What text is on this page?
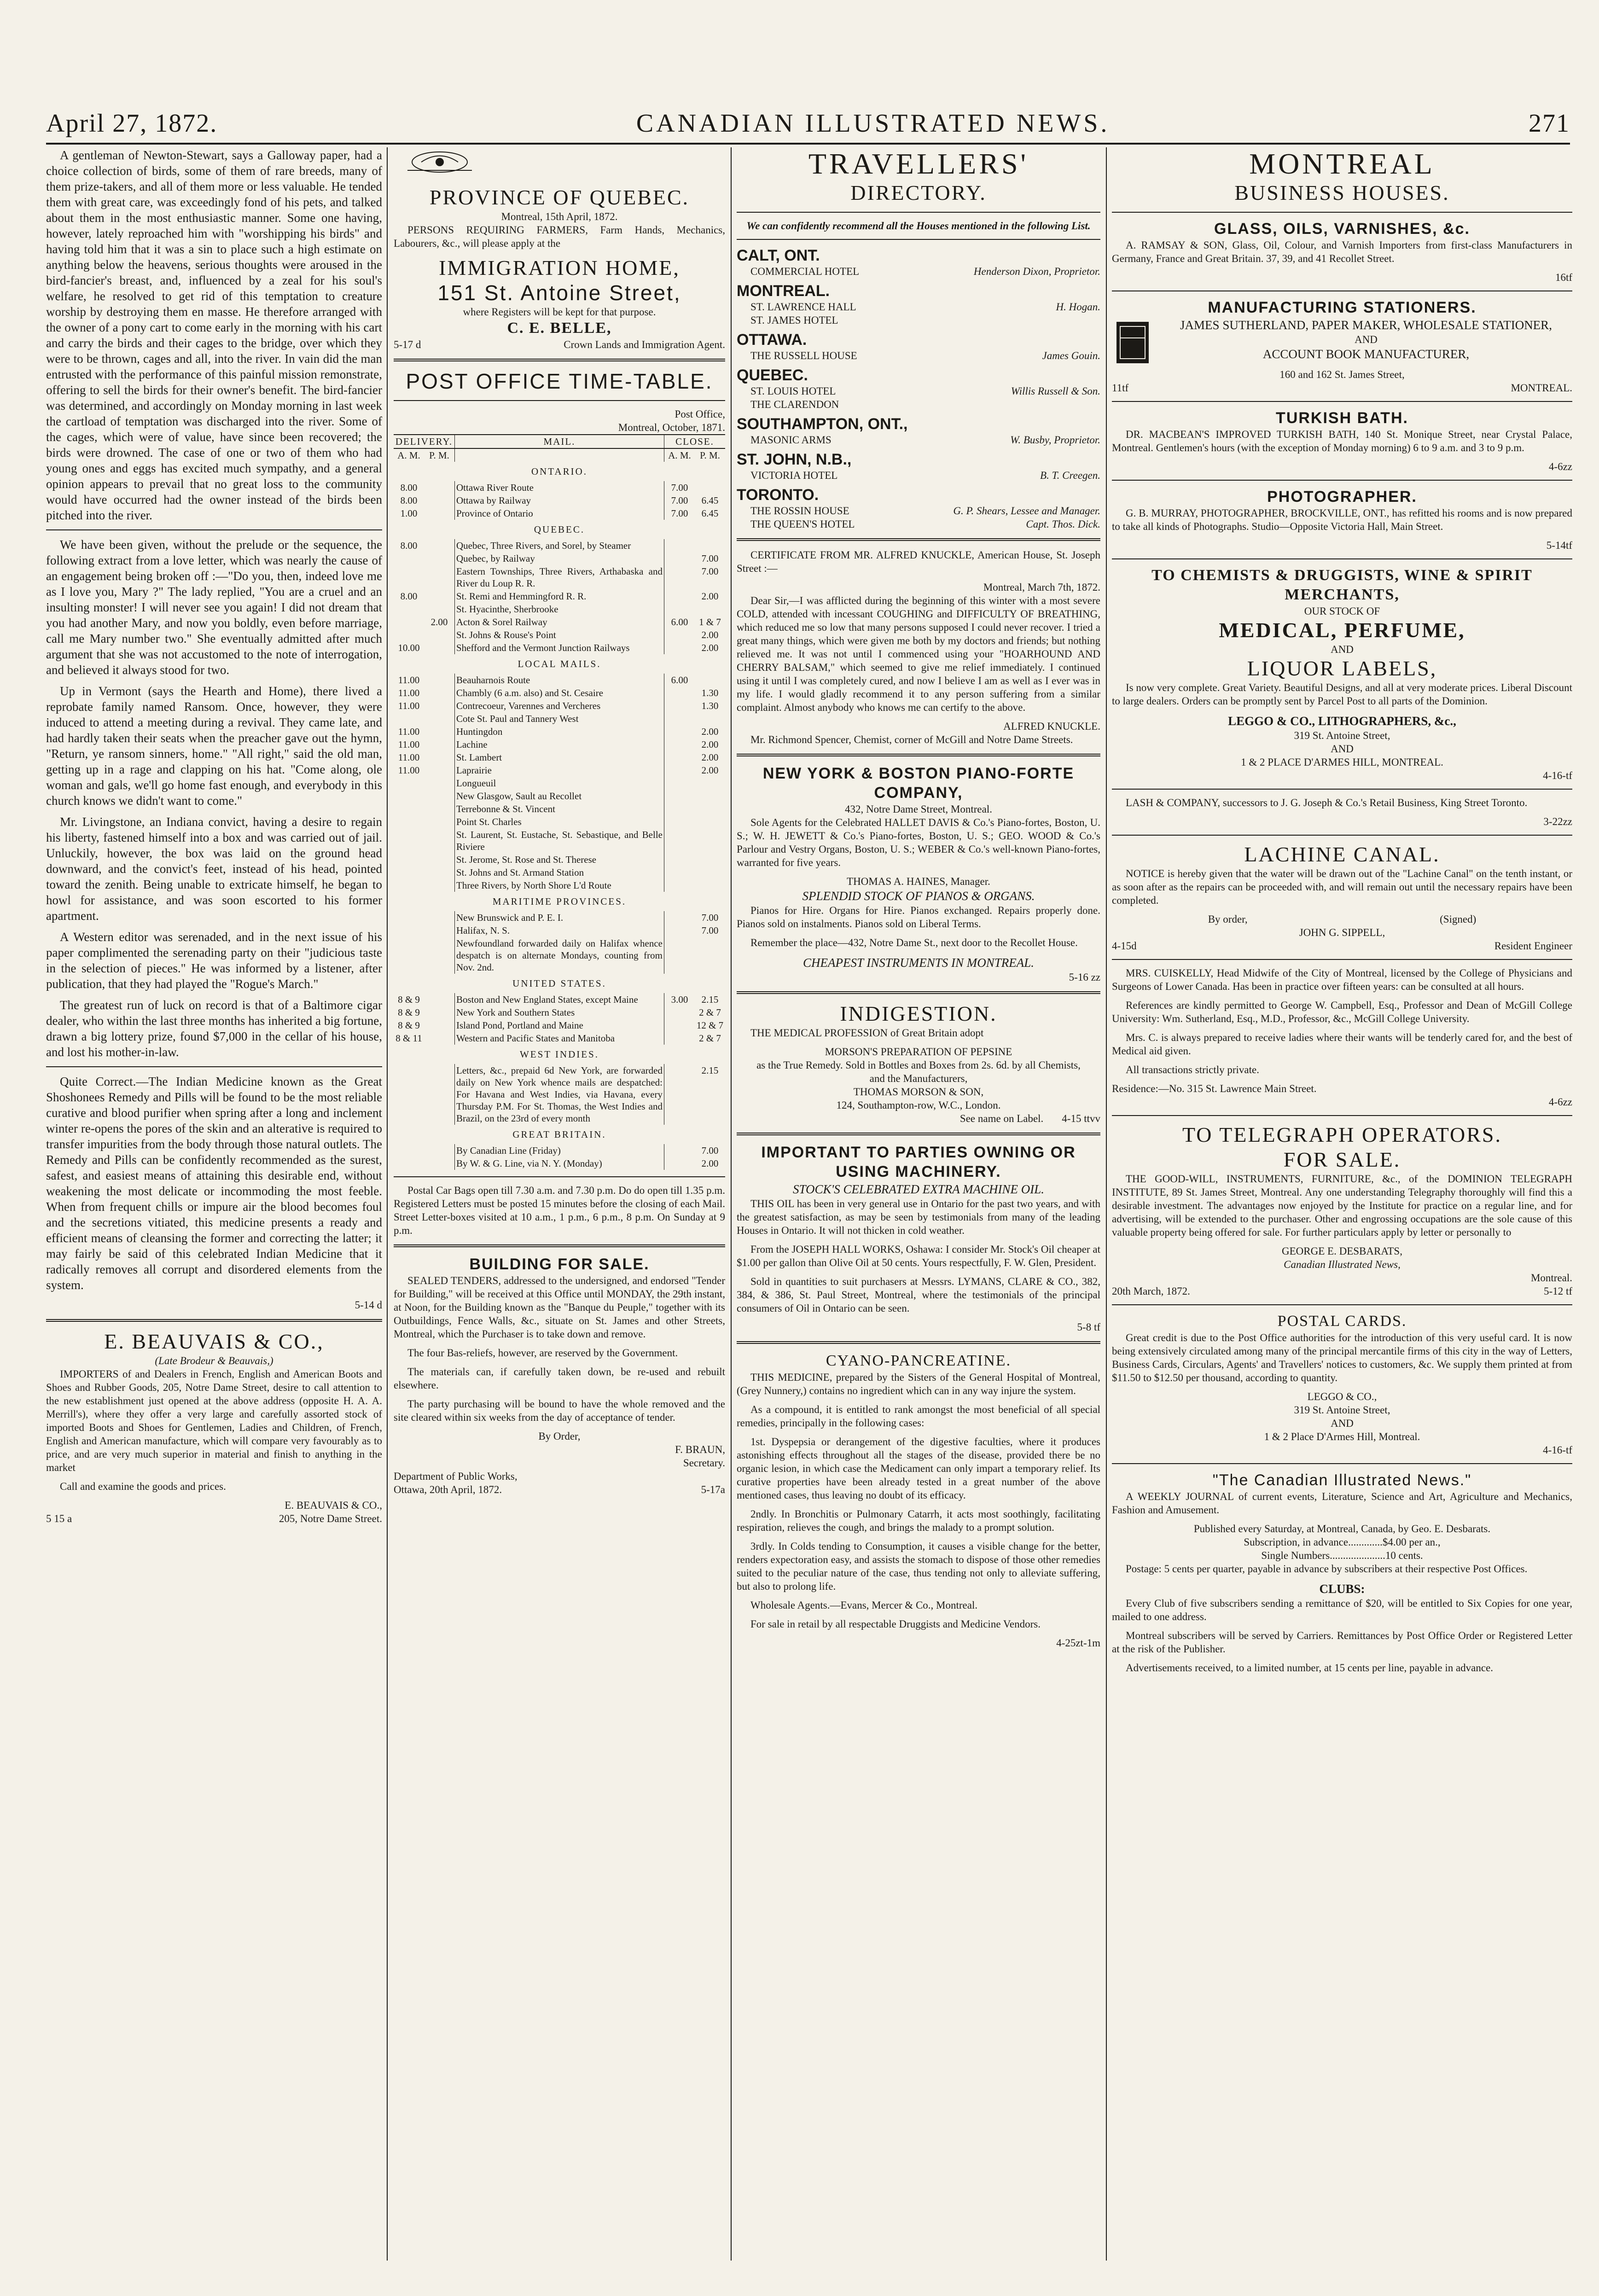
April 27, 1872.	CANADIAN ILLUSTRATED NEWS.	271

A gentleman of Newton-Stewart, says a Galloway paper, had a choice collection of birds, some of them of rare breeds, many of them prize-takers, and all of them more or less valuable. He tended them with great care, was exceedingly fond of his pets, and talked about them in the most enthusiastic manner. Some one having, however, lately reproached him with "worshipping his birds" and having told him that it was a sin to place such a high estimate on anything below the heavens, serious thoughts were aroused in the bird-fancier's breast, and, influenced by a zeal for his soul's welfare, he resolved to get rid of this temptation to creature worship by destroying them en masse. He therefore arranged with the owner of a pony cart to come early in the morning with his cart and carry the birds and their cages to the bridge, over which they were to be thrown, cages and all, into the river. In vain did the man entrusted with the performance of this painful mission remonstrate, offering to sell the birds for their owner's benefit. The bird-fancier was determined, and accordingly on Monday morning in last week the cartload of temptation was discharged into the river. Some of the cages, which were of value, have since been recovered; the birds were drowned. The case of one or two of them who had young ones and eggs has excited much sympathy, and a general opinion appears to prevail that no great loss to the community would have occurred had the owner instead of the birds been pitched into the river.

We have been given, without the prelude or the sequence, the following extract from a love letter, which was nearly the cause of an engagement being broken off :—"Do you, then, indeed love me as I love you, Mary ?" The lady replied, "You are a cruel and an insulting monster! I will never see you again! I did not dream that you had another Mary, and now you boldly, even before marriage, call me Mary number two." She eventually admitted after much argument that she was not accustomed to the note of interrogation, and believed it always stood for two.

Up in Vermont (says the Hearth and Home), there lived a reprobate family named Ransom. Once, however, they were induced to attend a meeting during a revival. They came late, and had hardly taken their seats when the preacher gave out the hymn, "Return, ye ransom sinners, home." "All right," said the old man, getting up in a rage and clapping on his hat. "Come along, ole woman and gals, we'll go home fast enough, and everybody in this church knows we didn't want to come."

Mr. Livingstone, an Indiana convict, having a desire to regain his liberty, fastened himself into a box and was carried out of jail. Unluckily, however, the box was laid on the ground head downward, and the convict's feet, instead of his head, pointed toward the zenith. Being unable to extricate himself, he began to howl for assistance, and was soon escorted to his former apartment.

A Western editor was serenaded, and in the next issue of his paper complimented the serenading party on their "judicious taste in the selection of pieces." He was informed by a listener, after publication, that they had played the "Rogue's March."

The greatest run of luck on record is that of a Baltimore cigar dealer, who within the last three months has inherited a big fortune, drawn a big lottery prize, found $7,000 in the cellar of his house, and lost his mother-in-law.

Quite Correct.—The Indian Medicine known as the Great Shoshonees Remedy and Pills will be found to be the most reliable curative and blood purifier when spring after a long and inclement winter re-opens the pores of the skin and an alterative is required to transfer impurities from the body through those natural outlets. The Remedy and Pills can be confidently recommended as the surest, safest, and easiest means of attaining this desirable end, without weakening the most delicate or incommoding the most feeble. When from frequent chills or impure air the blood becomes foul and the secretions vitiated, this medicine presents a ready and efficient means of cleansing the former and correcting the latter; it may fairly be said of this celebrated Indian Medicine that it radically removes all corrupt and disordered elements from the system.

5-14 d
E. BEAUVAIS & CO.,
(Late Brodeur & Beauvais,)

IMPORTERS of and Dealers in French, English and American Boots and Shoes and Rubber Goods, 205, Notre Dame Street, desire to call attention to the new establishment just opened at the above address (opposite H. A. A. Merrill's), where they offer a very large and carefully assorted stock of imported Boots and Shoes for Gentlemen, Ladies and Children, of French, English and American manufacture, which will compare very favourably as to price, and are very much superior in material and finish to anything in the market

Call and examine the goods and prices.

E. BEAUVAIS & CO.,
5 15 a	205, Notre Dame Street.
PROVINCE OF QUEBEC.
Montreal, 15th April, 1872.

PERSONS REQUIRING FARMERS, Farm Hands, Mechanics, Labourers, &c., will please apply at the

IMMIGRATION HOME,
151 St. Antoine Street,
where Registers will be kept for that purpose.
C. E. BELLE,
5-17 d	Crown Lands and Immigration Agent.
POST OFFICE TIME-TABLE.
Post Office,
Montreal, October, 1871.
DELIVERY.		MAIL.	CLOSE.	
A. M.	P. M.		A. M.	P. M.
ONTARIO.				
8.00		Ottawa River Route	7.00	
8.00		Ottawa by Railway	7.00	6.45
1.00		Province of Ontario	7.00	6.45
QUEBEC.				
8.00		Quebec, Three Rivers, and Sorel, by Steamer		
		Quebec, by Railway		7.00
		Eastern Townships, Three Rivers, Arthabaska and River du Loup R. R.		7.00
8.00		St. Remi and Hemmingford R. R.		2.00
		St. Hyacinthe, Sherbrooke		
	2.00	Acton & Sorel Railway	6.00	1 & 7
		St. Johns & Rouse's Point		2.00
10.00		Shefford and the Vermont Junction Railways		2.00
LOCAL MAILS.				
11.00		Beauharnois Route	6.00	
11.00		Chambly (6 a.m. also) and St. Cesaire		1.30
11.00		Contrecoeur, Varennes and Vercheres		1.30
		Cote St. Paul and Tannery West		
11.00		Huntingdon		2.00
11.00		Lachine		2.00
11.00		St. Lambert		2.00
11.00		Laprairie		2.00
		Longueuil		
		New Glasgow, Sault au Recollet		
		Terrebonne & St. Vincent		
		Point St. Charles		
		St. Laurent, St. Eustache, St. Sebastique, and Belle Riviere		
		St. Jerome, St. Rose and St. Therese		
		St. Johns and St. Armand Station		
		Three Rivers, by North Shore L'd Route		
MARITIME PROVINCES.				
		New Brunswick and P. E. I.		7.00
		Halifax, N. S.		7.00
		Newfoundland forwarded daily on Halifax whence despatch is on alternate Mondays, counting from Nov. 2nd.		
UNITED STATES.				
8 & 9		Boston and New England States, except Maine	3.00	2.15
8 & 9		New York and Southern States		2 & 7
8 & 9		Island Pond, Portland and Maine		12 & 7
8 & 11		Western and Pacific States and Manitoba		2 & 7
WEST INDIES.				
		Letters, &c., prepaid 6d New York, are forwarded daily on New York whence mails are despatched: For Havana and West Indies, via Havana, every Thursday P.M. For St. Thomas, the West Indies and Brazil, on the 23rd of every month		2.15
GREAT BRITAIN.				
		By Canadian Line (Friday)		7.00
		By W. & G. Line, via N. Y. (Monday)		2.00

Postal Car Bags open till 7.30 a.m. and 7.30 p.m. Do do open till 1.35 p.m. Registered Letters must be posted 15 minutes before the closing of each Mail. Street Letter-boxes visited at 10 a.m., 1 p.m., 6 p.m., 8 p.m. On Sunday at 9 p.m.

BUILDING FOR SALE.

SEALED TENDERS, addressed to the undersigned, and endorsed "Tender for Building," will be received at this Office until MONDAY, the 29th instant, at Noon, for the Building known as the "Banque du Peuple," together with its Outbuildings, Fence Walls, &c., situate on St. James and other Streets, Montreal, which the Purchaser is to take down and remove.

The four Bas-reliefs, however, are reserved by the Government.

The materials can, if carefully taken down, be re-used and rebuilt elsewhere.

The party purchasing will be bound to have the whole removed and the site cleared within six weeks from the day of acceptance of tender.

By Order,
F. BRAUN,
Secretary.
Department of Public Works,
Ottawa, 20th April, 1872.	5-17a
TRAVELLERS'
DIRECTORY.
We can confidently recommend all the Houses mentioned in the following List.
CALT, ONT.
COMMERCIAL HOTEL	Henderson Dixon, Proprietor.
MONTREAL.
ST. LAWRENCE HALL	H. Hogan.
ST. JAMES HOTEL
OTTAWA.
THE RUSSELL HOUSE	James Gouin.
QUEBEC.
ST. LOUIS HOTEL	Willis Russell & Son.
THE CLARENDON
SOUTHAMPTON, ONT.,
MASONIC ARMS	W. Busby, Proprietor.
ST. JOHN, N.B.,
VICTORIA HOTEL	B. T. Creegen.
TORONTO.
THE ROSSIN HOUSE	G. P. Shears, Lessee and Manager.
THE QUEEN'S HOTEL	Capt. Thos. Dick.

CERTIFICATE FROM MR. ALFRED KNUCKLE, American House, St. Joseph Street :—

Montreal, March 7th, 1872.

Dear Sir,—I was afflicted during the beginning of this winter with a most severe COLD, attended with incessant COUGHING and DIFFICULTY OF BREATHING, which reduced me so low that many persons supposed I could never recover. I tried a great many things, which were given me both by my doctors and friends; but nothing relieved me. It was not until I commenced using your "HOARHOUND AND CHERRY BALSAM," which seemed to give me relief immediately. I continued using it until I was completely cured, and now I believe I am as well as I ever was in my life. I would gladly recommend it to any person suffering from a similar complaint. Almost anybody who knows me can certify to the above.

ALFRED KNUCKLE.

Mr. Richmond Spencer, Chemist, corner of McGill and Notre Dame Streets.

NEW YORK & BOSTON PIANO-FORTE COMPANY,
432, Notre Dame Street, Montreal.

Sole Agents for the Celebrated HALLET DAVIS & Co.'s Piano-fortes, Boston, U. S.; W. H. JEWETT & Co.'s Piano-fortes, Boston, U. S.; GEO. WOOD & Co.'s Parlour and Vestry Organs, Boston, U. S.; WEBER & Co.'s well-known Piano-fortes, warranted for five years.

THOMAS A. HAINES, Manager.
SPLENDID STOCK OF PIANOS & ORGANS.

Pianos for Hire. Organs for Hire. Pianos exchanged. Repairs properly done. Pianos sold on instalments. Pianos sold on Liberal Terms.

Remember the place—432, Notre Dame St., next door to the Recollet House.

CHEAPEST INSTRUMENTS IN MONTREAL.
5-16 zz
INDIGESTION.

THE MEDICAL PROFESSION of Great Britain adopt

MORSON'S PREPARATION OF PEPSINE
as the True Remedy. Sold in Bottles and Boxes from 2s. 6d. by all Chemists,
and the Manufacturers,
THOMAS MORSON & SON,
124, Southampton-row, W.C., London.
See name on Label. 4-15 ttvv
IMPORTANT TO PARTIES OWNING OR USING MACHINERY.
STOCK'S CELEBRATED EXTRA MACHINE OIL.

THIS OIL has been in very general use in Ontario for the past two years, and with the greatest satisfaction, as may be seen by testimonials from many of the leading Houses in Ontario. It will not thicken in cold weather.

From the JOSEPH HALL WORKS, Oshawa: I consider Mr. Stock's Oil cheaper at $1.00 per gallon than Olive Oil at 50 cents. Yours respectfully, F. W. Glen, President.

Sold in quantities to suit purchasers at Messrs. LYMANS, CLARE & CO., 382, 384, & 386, St. Paul Street, Montreal, where the testimonials of the principal consumers of Oil in Ontario can be seen.

5-8 tf
CYANO-PANCREATINE.

THIS MEDICINE, prepared by the Sisters of the General Hospital of Montreal, (Grey Nunnery,) contains no ingredient which can in any way injure the system.

As a compound, it is entitled to rank amongst the most beneficial of all special remedies, principally in the following cases:

1st. Dyspepsia or derangement of the digestive faculties, where it produces astonishing effects throughout all the stages of the disease, provided there be no organic lesion, in which case the Medicament can only impart a temporary relief. Its curative properties have been already tested in a great number of the above mentioned cases, thus leaving no doubt of its efficacy.

2ndly. In Bronchitis or Pulmonary Catarrh, it acts most soothingly, facilitating respiration, relieves the cough, and brings the malady to a prompt solution.

3rdly. In Colds tending to Consumption, it causes a visible change for the better, renders expectoration easy, and assists the stomach to dispose of those other remedies suited to the peculiar nature of the case, thus tending not only to alleviate suffering, but also to prolong life.

Wholesale Agents.—Evans, Mercer & Co., Montreal.

For sale in retail by all respectable Druggists and Medicine Vendors.

4-25zt-1m
MONTREAL
BUSINESS HOUSES.
GLASS, OILS, VARNISHES, &c.

A. RAMSAY & SON, Glass, Oil, Colour, and Varnish Importers from first-class Manufacturers in Germany, France and Great Britain. 37, 39, and 41 Recollet Street.

16tf
MANUFACTURING STATIONERS.
JAMES SUTHERLAND, PAPER MAKER, WHOLESALE STATIONER,
AND
ACCOUNT BOOK MANUFACTURER,
160 and 162 St. James Street,
11tf	MONTREAL.
TURKISH BATH.

DR. MACBEAN'S IMPROVED TURKISH BATH, 140 St. Monique Street, near Crystal Palace, Montreal. Gentlemen's hours (with the exception of Monday morning) 6 to 9 a.m. and 3 to 9 p.m.

4-6zz
PHOTOGRAPHER.

G. B. MURRAY, PHOTOGRAPHER, BROCKVILLE, ONT., has refitted his rooms and is now prepared to take all kinds of Photographs. Studio—Opposite Victoria Hall, Main Street.

5-14tf
TO CHEMISTS & DRUGGISTS, WINE & SPIRIT MERCHANTS,
OUR STOCK OF
MEDICAL, PERFUME,
AND
LIQUOR LABELS,

Is now very complete. Great Variety. Beautiful Designs, and all at very moderate prices. Liberal Discount to large dealers. Orders can be promptly sent by Parcel Post to all parts of the Dominion.

LEGGO & CO., LITHOGRAPHERS, &c.,
319 St. Antoine Street,
AND
1 & 2 PLACE D'ARMES HILL, MONTREAL.
4-16-tf

LASH & COMPANY, successors to J. G. Joseph & Co.'s Retail Business, King Street Toronto.

3-22zz
LACHINE CANAL.

NOTICE is hereby given that the water will be drawn out of the "Lachine Canal" on the tenth instant, or as soon after as the repairs can be proceeded with, and will remain out until the necessary repairs have been completed.

By order,	(Signed)
JOHN G. SIPPELL,
4-15d	Resident Engineer

MRS. CUISKELLY, Head Midwife of the City of Montreal, licensed by the College of Physicians and Surgeons of Lower Canada. Has been in practice over fifteen years: can be consulted at all hours.

References are kindly permitted to George W. Campbell, Esq., Professor and Dean of McGill College University: Wm. Sutherland, Esq., M.D., Professor, &c., McGill College University.

Mrs. C. is always prepared to receive ladies where their wants will be tenderly cared for, and the best of Medical aid given.

All transactions strictly private.

Residence:—No. 315 St. Lawrence Main Street.
4-6zz
TO TELEGRAPH OPERATORS.
FOR SALE.

THE GOOD-WILL, INSTRUMENTS, FURNITURE, &c., of the DOMINION TELEGRAPH INSTITUTE, 89 St. James Street, Montreal. Any one understanding Telegraphy thoroughly will find this a desirable investment. The advantages now enjoyed by the Institute for practice on a regular line, and for advertising, will be extended to the purchaser. Other and engrossing occupations are the sole cause of this valuable property being offered for sale. For further particulars apply by letter or personally to

GEORGE E. DESBARATS,
Canadian Illustrated News,
Montreal.
20th March, 1872.	5-12 tf
POSTAL CARDS.

Great credit is due to the Post Office authorities for the introduction of this very useful card. It is now being extensively circulated among many of the principal mercantile firms of this city in the way of Letters, Business Cards, Circulars, Agents' and Travellers' notices to customers, &c. We supply them printed at from $11.50 to $12.50 per thousand, according to quantity.

LEGGO & CO.,
319 St. Antoine Street,
AND
1 & 2 Place D'Armes Hill, Montreal.
4-16-tf
"The Canadian Illustrated News."

A WEEKLY JOURNAL of current events, Literature, Science and Art, Agriculture and Mechanics, Fashion and Amusement.

Published every Saturday, at Montreal, Canada, by Geo. E. Desbarats.
Subscription, in advance.............$4.00 per an.,
Single Numbers.....................10 cents.

Postage: 5 cents per quarter, payable in advance by subscribers at their respective Post Offices.

CLUBS:

Every Club of five subscribers sending a remittance of $20, will be entitled to Six Copies for one year, mailed to one address.

Montreal subscribers will be served by Carriers. Remittances by Post Office Order or Registered Letter at the risk of the Publisher.

Advertisements received, to a limited number, at 15 cents per line, payable in advance.
